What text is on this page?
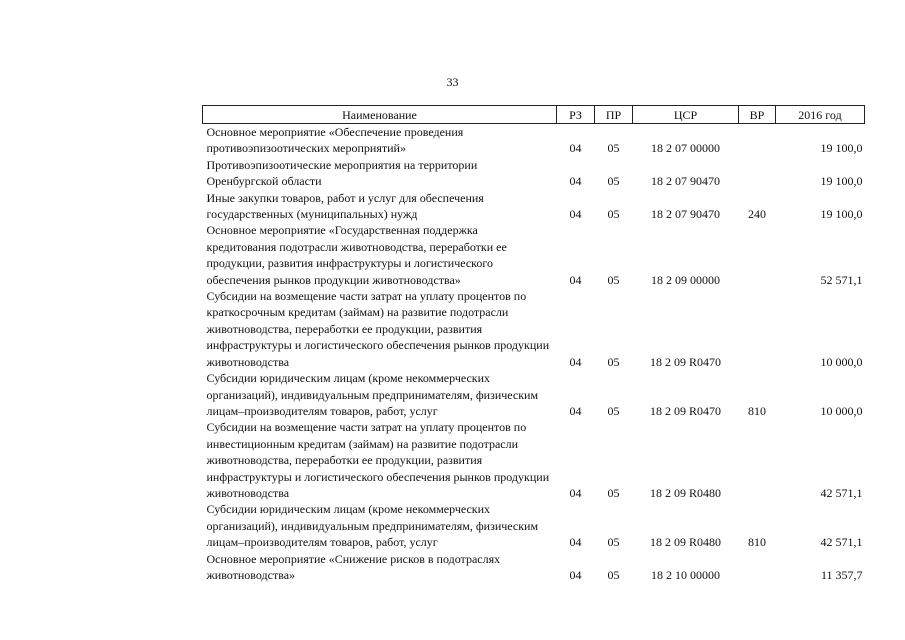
33
Наименование	РЗ	ПР	ЦСР	ВР	2016 год
Основное мероприятие «Обеспечение проведения противоэпизоотических мероприятий»	04	05	18 2 07 00000		19 100,0
Противоэпизоотические мероприятия на территории Оренбургской области	04	05	18 2 07 90470		19 100,0
Иные закупки товаров, работ и услуг для обеспечения государственных (муниципальных) нужд	04	05	18 2 07 90470	240	19 100,0
Основное мероприятие «Государственная поддержка кредитования подотрасли животноводства, переработки ее продукции, развития инфраструктуры и логистического обеспечения рынков продукции животноводства»	04	05	18 2 09 00000		52 571,1
Субсидии на возмещение части затрат на уплату процентов по краткосрочным кредитам (займам) на развитие подотрасли животноводства, переработки ее продукции, развития инфраструктуры и логистического обеспечения рынков продукции животноводства	04	05	18 2 09 R0470		10 000,0
Субсидии юридическим лицам (кроме некоммерческих организаций), индивидуальным предпринимателям, физическим лицам–производителям товаров, работ, услуг	04	05	18 2 09 R0470	810	10 000,0
Субсидии на возмещение части затрат на уплату процентов по инвестиционным кредитам (займам) на развитие подотрасли животноводства, переработки ее продукции, развития инфраструктуры и логистического обеспечения рынков продукции животноводства	04	05	18 2 09 R0480		42 571,1
Субсидии юридическим лицам (кроме некоммерческих организаций), индивидуальным предпринимателям, физическим лицам–производителям товаров, работ, услуг	04	05	18 2 09 R0480	810	42 571,1
Основное мероприятие «Снижение рисков в подотраслях животноводства»	04	05	18 2 10 00000		11 357,7
